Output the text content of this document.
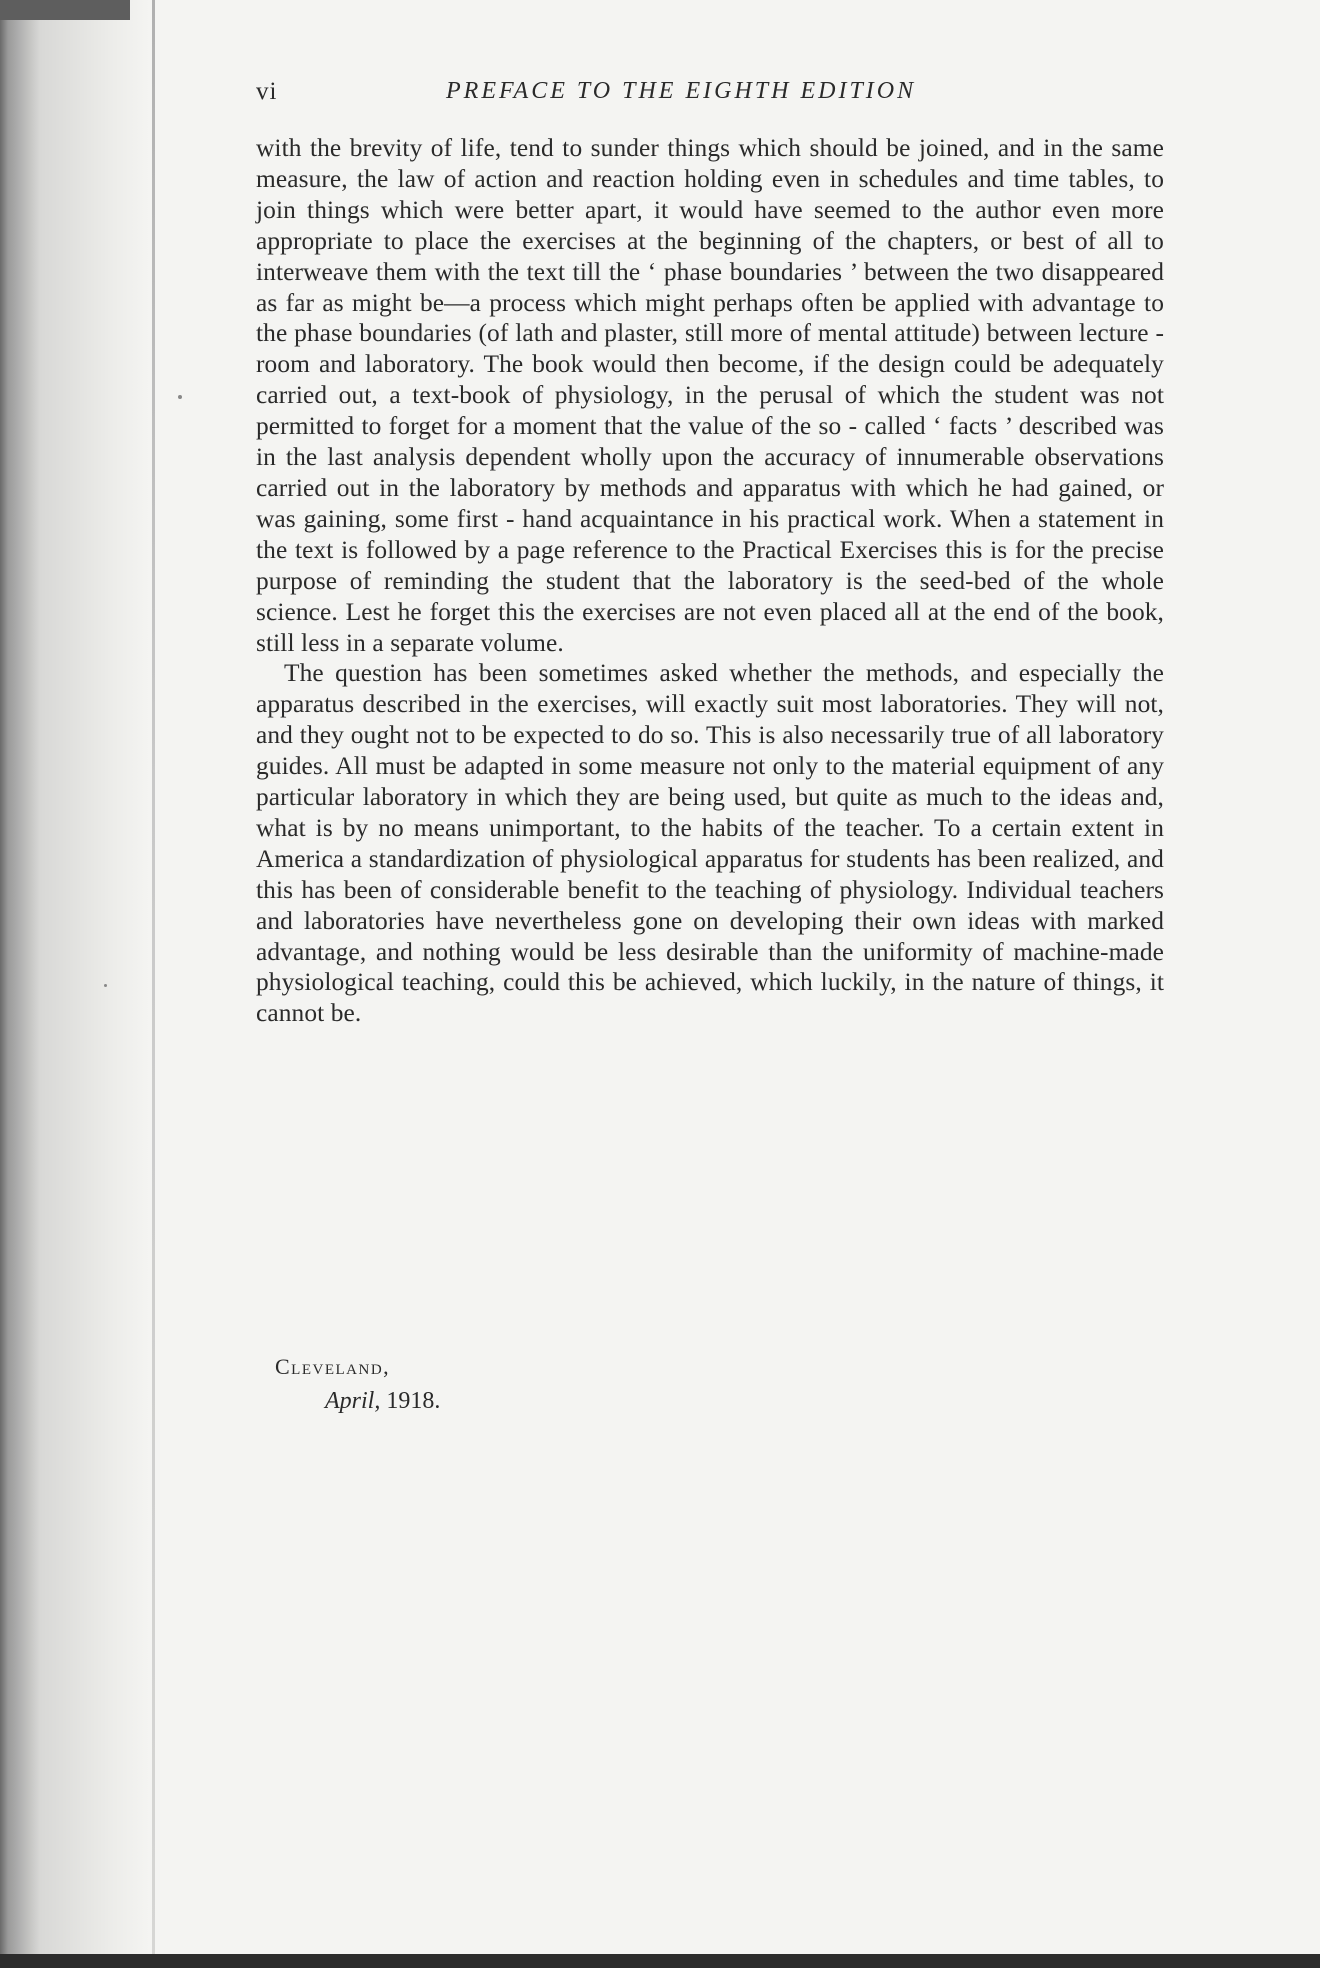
vi	PREFACE TO THE EIGHTH EDITION

with the brevity of life, tend to sunder things which should be joined, and in the same measure, the law of action and reaction holding even in schedules and time tables, to join things which were better apart, it would have seemed to the author even more appropriate to place the exercises at the beginning of the chapters, or best of all to interweave them with the text till the ‘ phase boundaries ’ between the two disappeared as far as might be—a process which might perhaps often be applied with advantage to the phase boundaries (of lath and plaster, still more of mental attitude) between lecture - room and laboratory. The book would then become, if the design could be adequately carried out, a text-book of physiology, in the perusal of which the student was not permitted to forget for a moment that the value of the so - called ‘ facts ’ described was in the last analysis dependent wholly upon the accuracy of innumerable observations carried out in the laboratory by methods and apparatus with which he had gained, or was gaining, some first - hand acquaintance in his practical work. When a statement in the text is followed by a page reference to the Practical Exercises this is for the precise purpose of reminding the student that the laboratory is the seed-bed of the whole science. Lest he forget this the exercises are not even placed all at the end of the book, still less in a separate volume.

The question has been sometimes asked whether the methods, and especially the apparatus described in the exercises, will exactly suit most laboratories. They will not, and they ought not to be expected to do so. This is also necessarily true of all laboratory guides. All must be adapted in some measure not only to the material equipment of any particular laboratory in which they are being used, but quite as much to the ideas and, what is by no means unimportant, to the habits of the teacher. To a certain extent in America a standardization of physiological apparatus for students has been realized, and this has been of considerable benefit to the teaching of physiology. Individual teachers and laboratories have nevertheless gone on developing their own ideas with marked advantage, and nothing would be less desirable than the uniformity of machine-made physiological teaching, could this be achieved, which luckily, in the nature of things, it cannot be.

Cleveland,
April, 1918.
